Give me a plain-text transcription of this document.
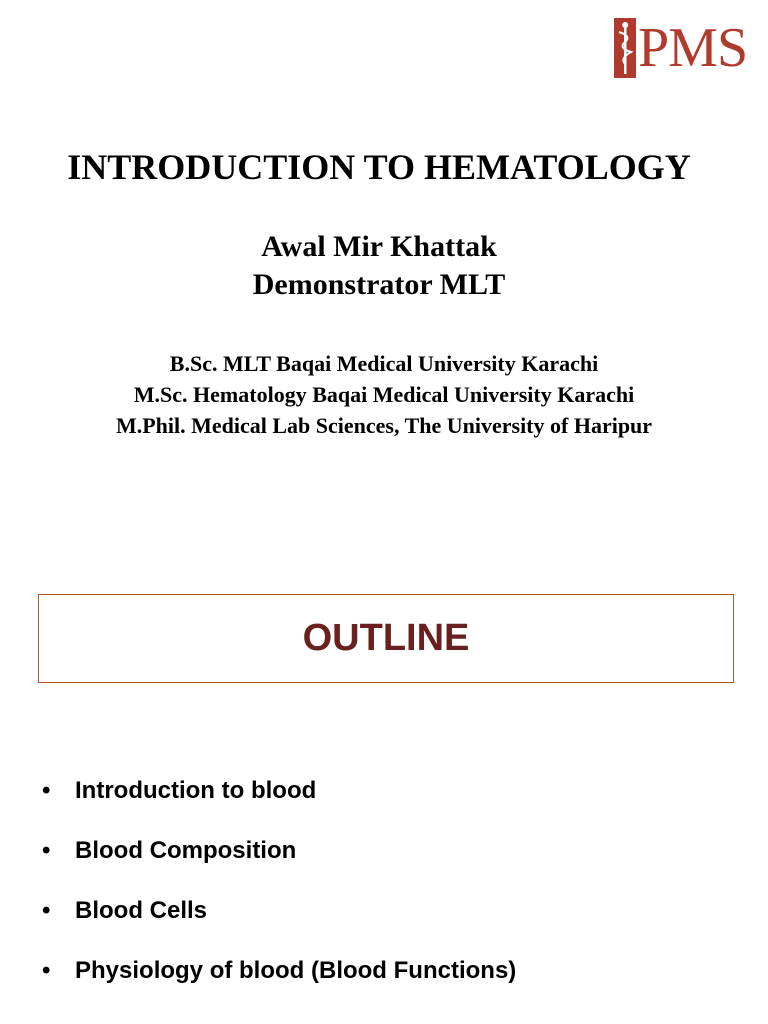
PMS
INTRODUCTION TO HEMATOLOGY
Awal Mir Khattak
Demonstrator MLT
B.Sc. MLT Baqai Medical University Karachi
M.Sc. Hematology Baqai Medical University Karachi
M.Phil. Medical Lab Sciences, The University of Haripur
OUTLINE
• Introduction to blood
• Blood Composition
• Blood Cells
• Physiology of blood (Blood Functions)
